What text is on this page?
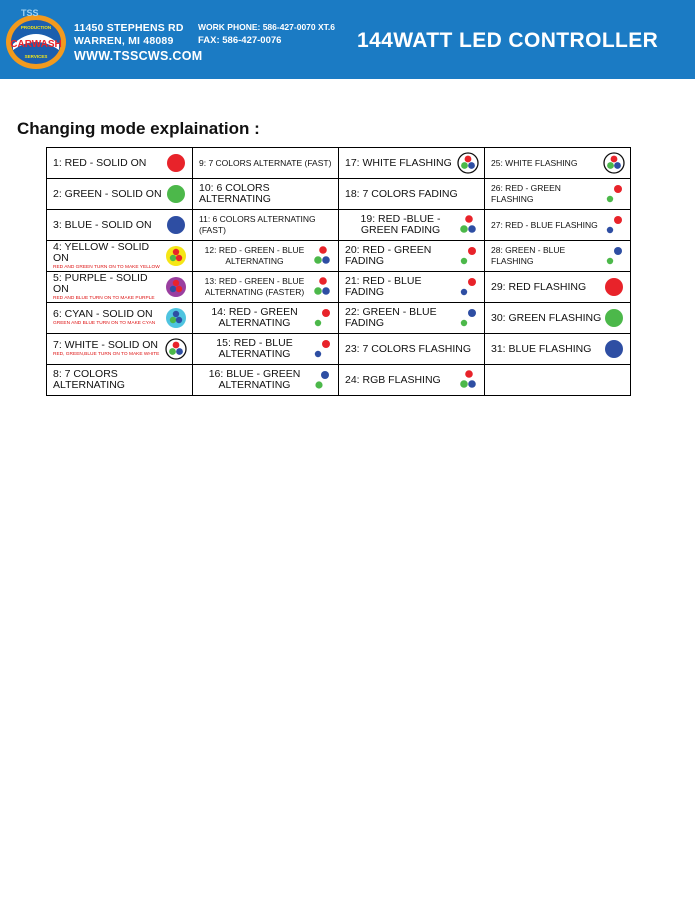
CARWASH
PRODUCTION
SERVICES
TSS
11450 STEPHENS RD
WARREN, MI 48089
WWW.TSSCWS.COM
WORK PHONE: 586-427-0070 XT.6
FAX: 586-427-0076	144WATT LED CONTROLLER
Changing mode explaination :
1: RED - SOLID ON	9: 7 COLORS ALTERNATE (FAST)	17: WHITE FLASHING	25: WHITE FLASHING

2: GREEN - SOLID ON	10: 6 COLORS ALTERNATING	18: 7 COLORS FADING	26: RED - GREEN FLASHING

3: BLUE - SOLID ON	11: 6 COLORS ALTERNATING (FAST)	19: RED -BLUE - GREEN FADING	27: RED - BLUE FLASHING

4: YELLOW - SOLID ON
RED AND GREEN TURN ON TO MAKE YELLOW	12: RED - GREEN - BLUE ALTERNATING	20: RED - GREEN FADING	28: GREEN - BLUE FLASHING

5: PURPLE - SOLID ON
RED AND BLUE TURN ON TO MAKE PURPLE	13: RED - GREEN - BLUE ALTERNATING (FASTER)	21: RED - BLUE FADING	29: RED FLASHING

6: CYAN - SOLID ON
GREEN AND BLUE TURN ON TO MAKE CYAN	14: RED - GREEN ALTERNATING	22: GREEN - BLUE FADING	30: GREEN FLASHING

7: WHITE - SOLID ON
RED, GREEN,BLUE TURN ON TO MAKE WHITE	15: RED - BLUE ALTERNATING	23: 7 COLORS FLASHING	31: BLUE FLASHING

8: 7 COLORS ALTERNATING	16: BLUE - GREEN ALTERNATING	24: RGB FLASHING	
